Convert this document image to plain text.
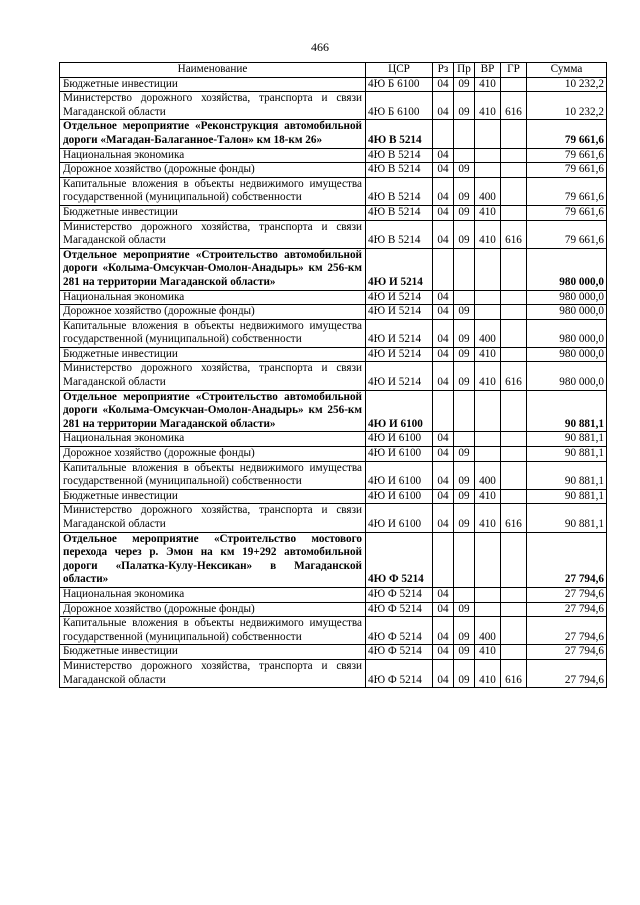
466
Наименование	ЦСР	Рз	Пр	ВР	ГР	Сумма
Бюджетные инвестиции	4Ю Б 6100	04	09	410		10 232,2
Министерство дорожного хозяйства, транспорта и связи Магаданской области	4Ю Б 6100	04	09	410	616	10 232,2
Отдельное мероприятие «Реконструкция автомобильной дороги «Магадан-Балаганное-Талон» км 18-км 26»	4Ю В 5214					79 661,6
Национальная экономика	4Ю В 5214	04				79 661,6
Дорожное хозяйство (дорожные фонды)	4Ю В 5214	04	09			79 661,6
Капитальные вложения в объекты недвижимого имущества государственной (муниципальной) собственности	4Ю В 5214	04	09	400		79 661,6
Бюджетные инвестиции	4Ю В 5214	04	09	410		79 661,6
Министерство дорожного хозяйства, транспорта и связи Магаданской области	4Ю В 5214	04	09	410	616	79 661,6
Отдельное мероприятие «Строительство автомобильной дороги «Колыма-Омсукчан-Омолон-Анадырь» км 256-км 281 на территории Магаданской области»	4Ю И 5214					980 000,0
Национальная экономика	4Ю И 5214	04				980 000,0
Дорожное хозяйство (дорожные фонды)	4Ю И 5214	04	09			980 000,0
Капитальные вложения в объекты недвижимого имущества государственной (муниципальной) собственности	4Ю И 5214	04	09	400		980 000,0
Бюджетные инвестиции	4Ю И 5214	04	09	410		980 000,0
Министерство дорожного хозяйства, транспорта и связи Магаданской области	4Ю И 5214	04	09	410	616	980 000,0
Отдельное мероприятие «Строительство автомобильной дороги «Колыма-Омсукчан-Омолон-Анадырь» км 256-км 281 на территории Магаданской области»	4Ю И 6100					90 881,1
Национальная экономика	4Ю И 6100	04				90 881,1
Дорожное хозяйство (дорожные фонды)	4Ю И 6100	04	09			90 881,1
Капитальные вложения в объекты недвижимого имущества государственной (муниципальной) собственности	4Ю И 6100	04	09	400		90 881,1
Бюджетные инвестиции	4Ю И 6100	04	09	410		90 881,1
Министерство дорожного хозяйства, транспорта и связи Магаданской области	4Ю И 6100	04	09	410	616	90 881,1
Отдельное мероприятие «Строительство мостового перехода через р. Эмон на км 19+292 автомобильной дороги «Палатка-Кулу-Нексикан» в Магаданской области»	4Ю Ф 5214					27 794,6
Национальная экономика	4Ю Ф 5214	04				27 794,6
Дорожное хозяйство (дорожные фонды)	4Ю Ф 5214	04	09			27 794,6
Капитальные вложения в объекты недвижимого имущества государственной (муниципальной) собственности	4Ю Ф 5214	04	09	400		27 794,6
Бюджетные инвестиции	4Ю Ф 5214	04	09	410		27 794,6
Министерство дорожного хозяйства, транспорта и связи Магаданской области	4Ю Ф 5214	04	09	410	616	27 794,6
